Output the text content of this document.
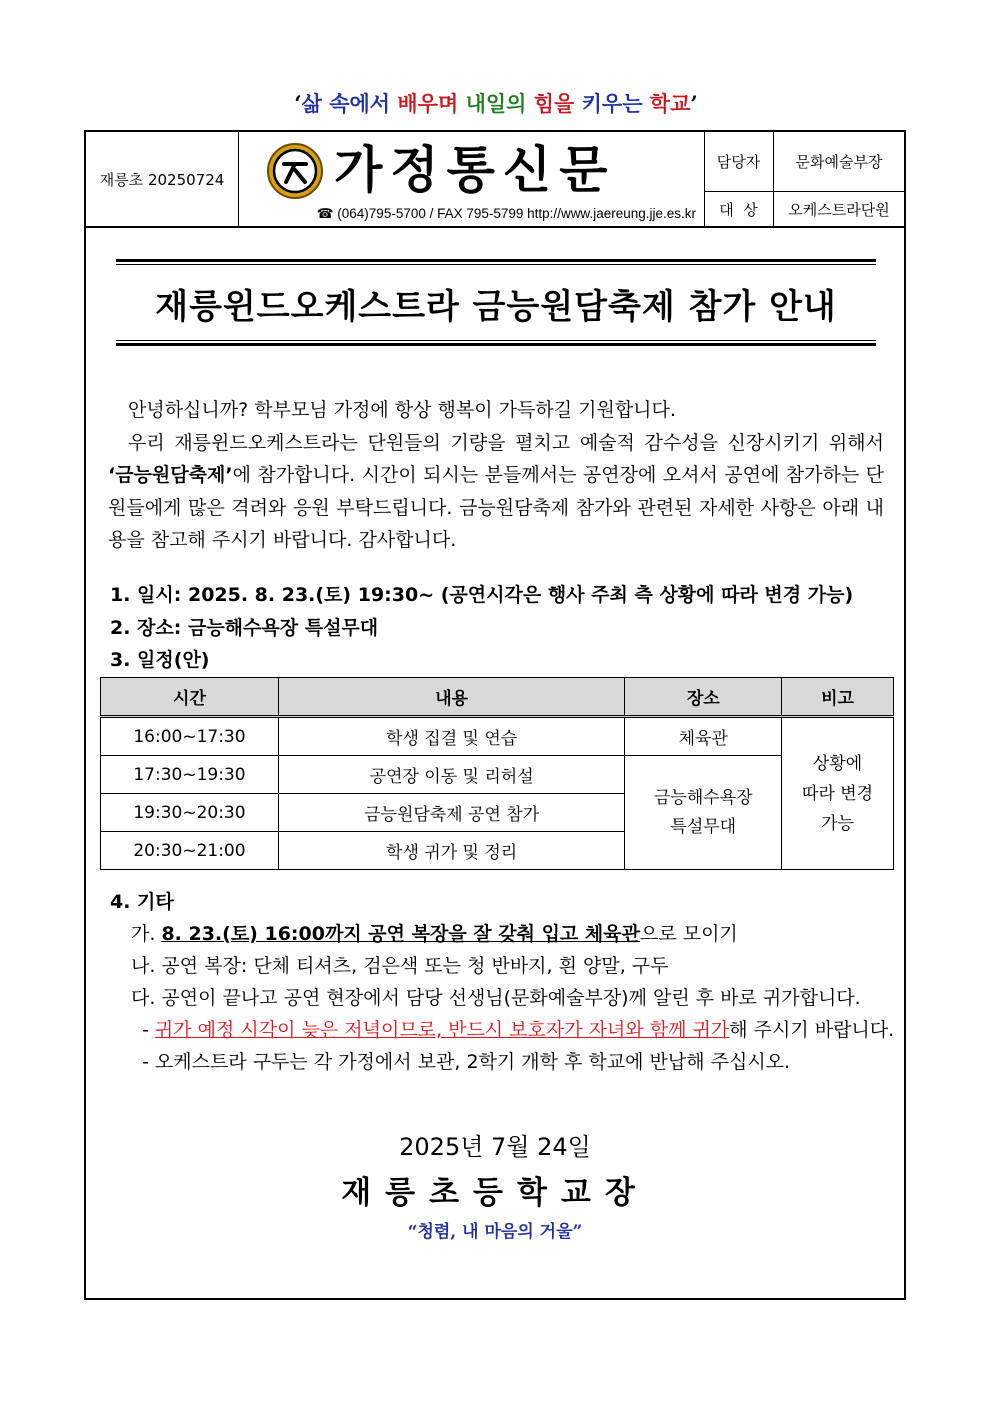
‘삶 속에서 배우며 내일의 힘을 키우는 학교’
재릉초 20250724 가정통신문
☎ (064)795-5700 / FAX 795-5799 http://www.jaereung.jje.es.kr
담당자	문화예술부장
대  상	오케스트라단원
재릉윈드오케스트라 금능원담축제 참가 안내

안녕하십니까? 학부모님 가정에 항상 행복이 가득하길 기원합니다.

우리 재릉윈드오케스트라는 단원들의 기량을 펼치고 예술적 감수성을 신장시키기 위해서 ‘금능원담축제’에 참가합니다. 시간이 되시는 분들께서는 공연장에 오셔서 공연에 참가하는 단원들에게 많은 격려와 응원 부탁드립니다. 금능원담축제 참가와 관련된 자세한 사항은 아래 내용을 참고해 주시기 바랍니다. 감사합니다.

1. 일시: 2025. 8. 23.(토) 19:30~ (공연시각은 행사 주최 측 상황에 따라 변경 가능)
2. 장소: 금능해수욕장 특설무대
3. 일정(안)
시간	내용	장소	비고
16:00~17:30	학생 집결 및 연습	체육관	상황에
따라 변경
가능
17:30~19:30	공연장 이동 및 리허설	금능해수욕장
특설무대	
19:30~20:30	금능원담축제 공연 참가		
20:30~21:00	학생 귀가 및 정리		
4. 기타
가. 8. 23.(토) 16:00까지 공연 복장을 잘 갖춰 입고 체육관으로 모이기
나. 공연 복장: 단체 티셔츠, 검은색 또는 청 반바지, 흰 양말, 구두
다. 공연이 끝나고 공연 현장에서 담당 선생님(문화예술부장)께 알린 후 바로 귀가합니다.
- 귀가 예정 시각이 늦은 저녁이므로, 반드시 보호자가 자녀와 함께 귀가해 주시기 바랍니다.
- 오케스트라 구두는 각 가정에서 보관, 2학기 개학 후 학교에 반납해 주십시오.
2025년 7월 24일
재릉초등학교장
“청렴, 내 마음의 거울”
